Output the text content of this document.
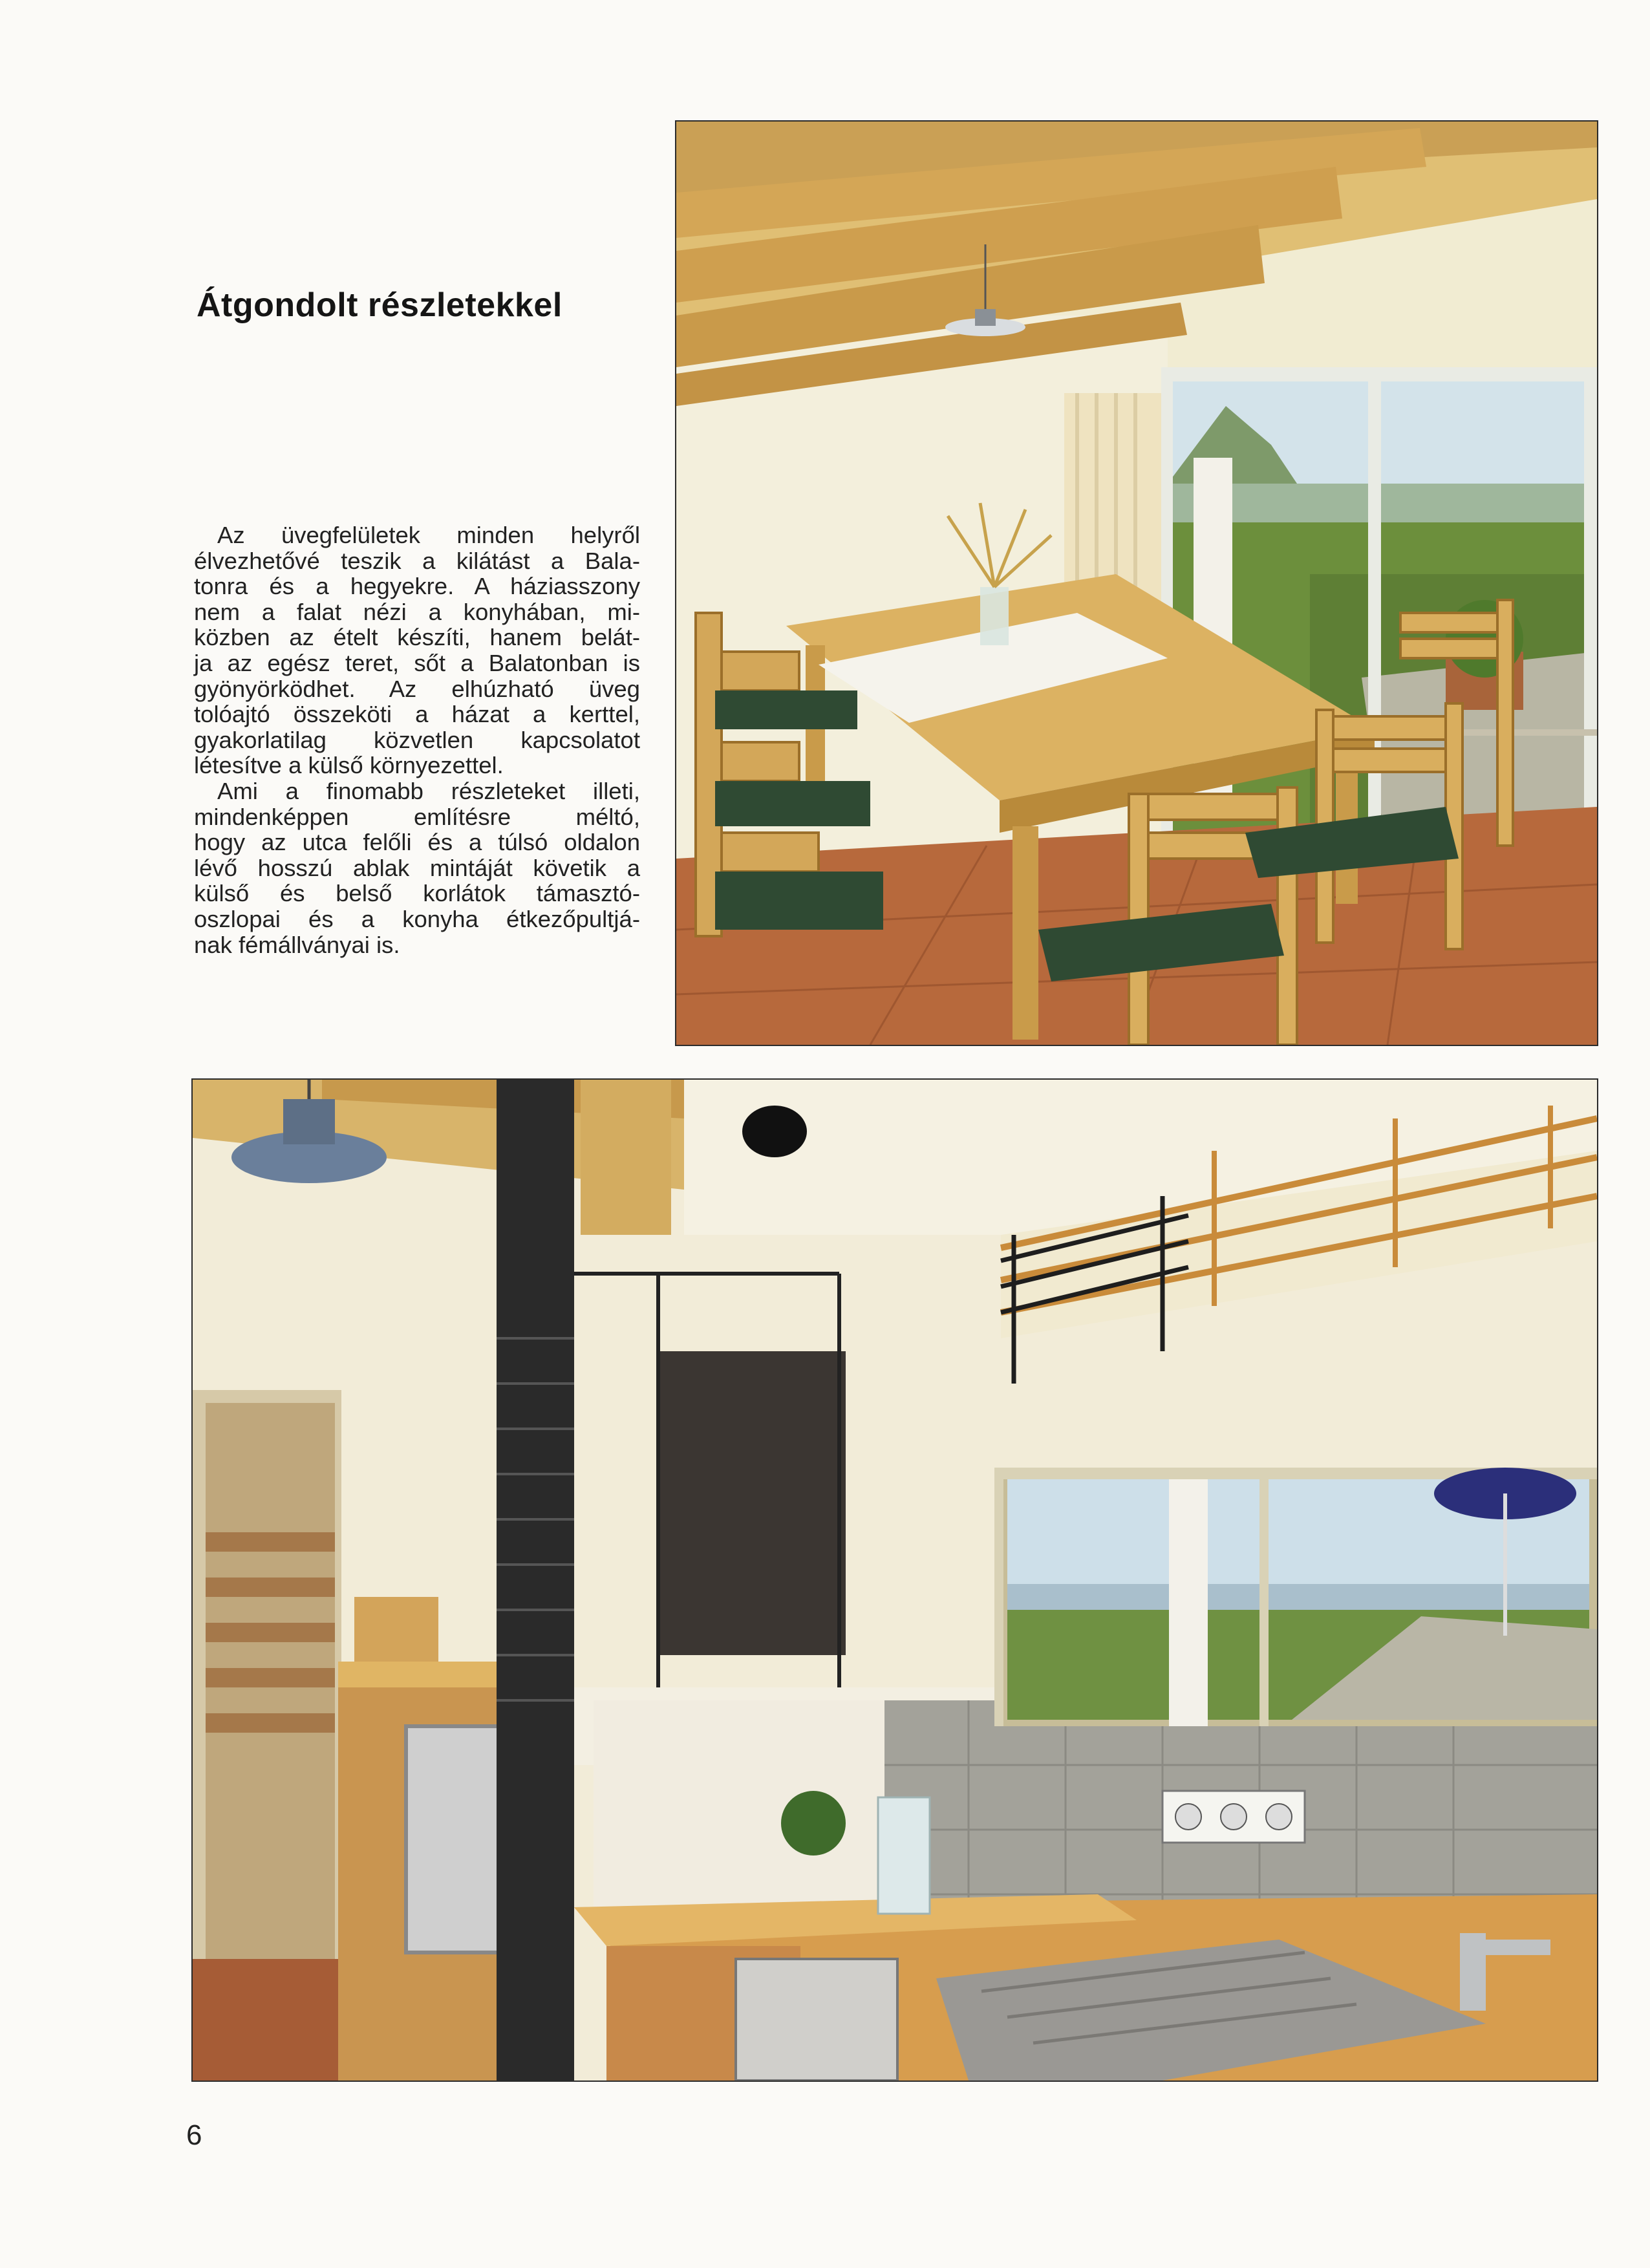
Átgondolt részletekkel

Az üvegfelületek minden helyről
élvezhetővé teszik a kilátást a Bala-
tonra és a hegyekre. A háziasszony
nem a falat nézi a konyhában, mi-
közben az ételt készíti, hanem belát-
ja az egész teret, sőt a Balatonban is
gyönyörködhet. Az elhúzható üveg
tolóajtó összeköti a házat a kerttel,
gyakorlatilag közvetlen kapcsolatot
létesítve a külső környezettel.

Ami a finomabb részleteket illeti,
mindenképpen említésre méltó,
hogy az utca felőli és a túlsó oldalon
lévő hosszú ablak mintáját követik a
külső és belső korlátok támasztó-
oszlopai és a konyha étkezőpultjá-
nak fémállványai is.

6
